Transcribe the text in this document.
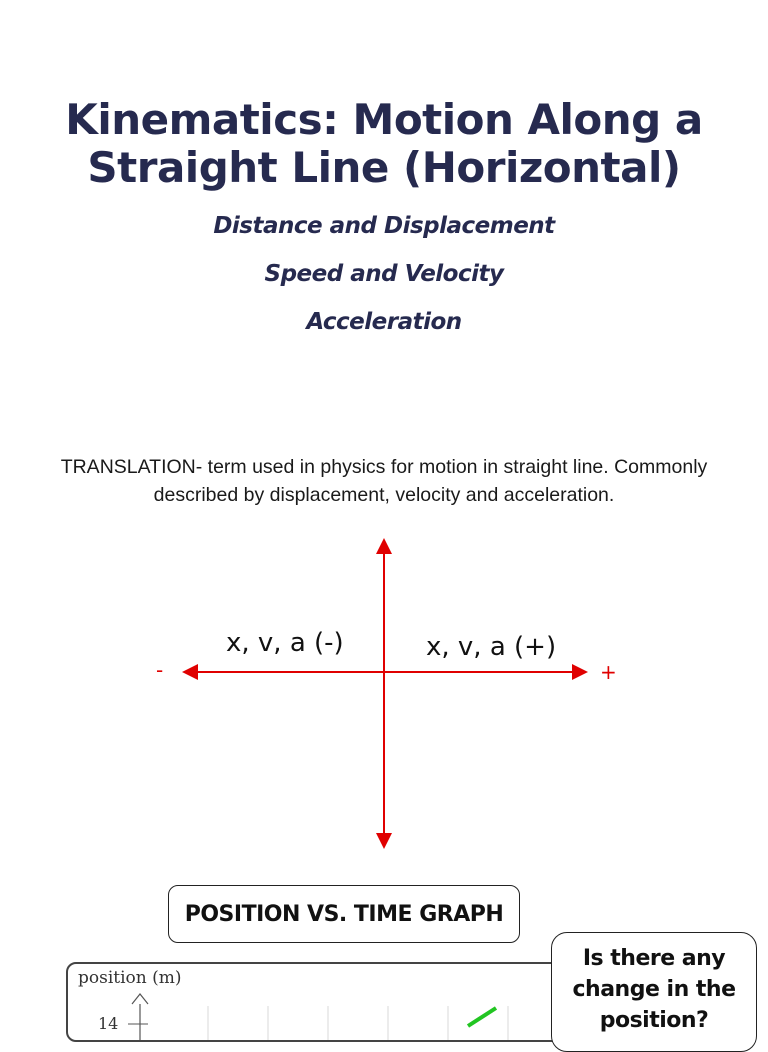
Kinematics: Motion Along a
Straight Line (Horizontal)
Distance and Displacement
Speed and Velocity
Acceleration
TRANSLATION- term used in physics for motion in straight line. Commonly described by displacement, velocity and acceleration.
x, v, a (-)	x, v, a (+)
-	+
POSITION VS. TIME GRAPH
position (m)
14
Is there any
change in the
position?
